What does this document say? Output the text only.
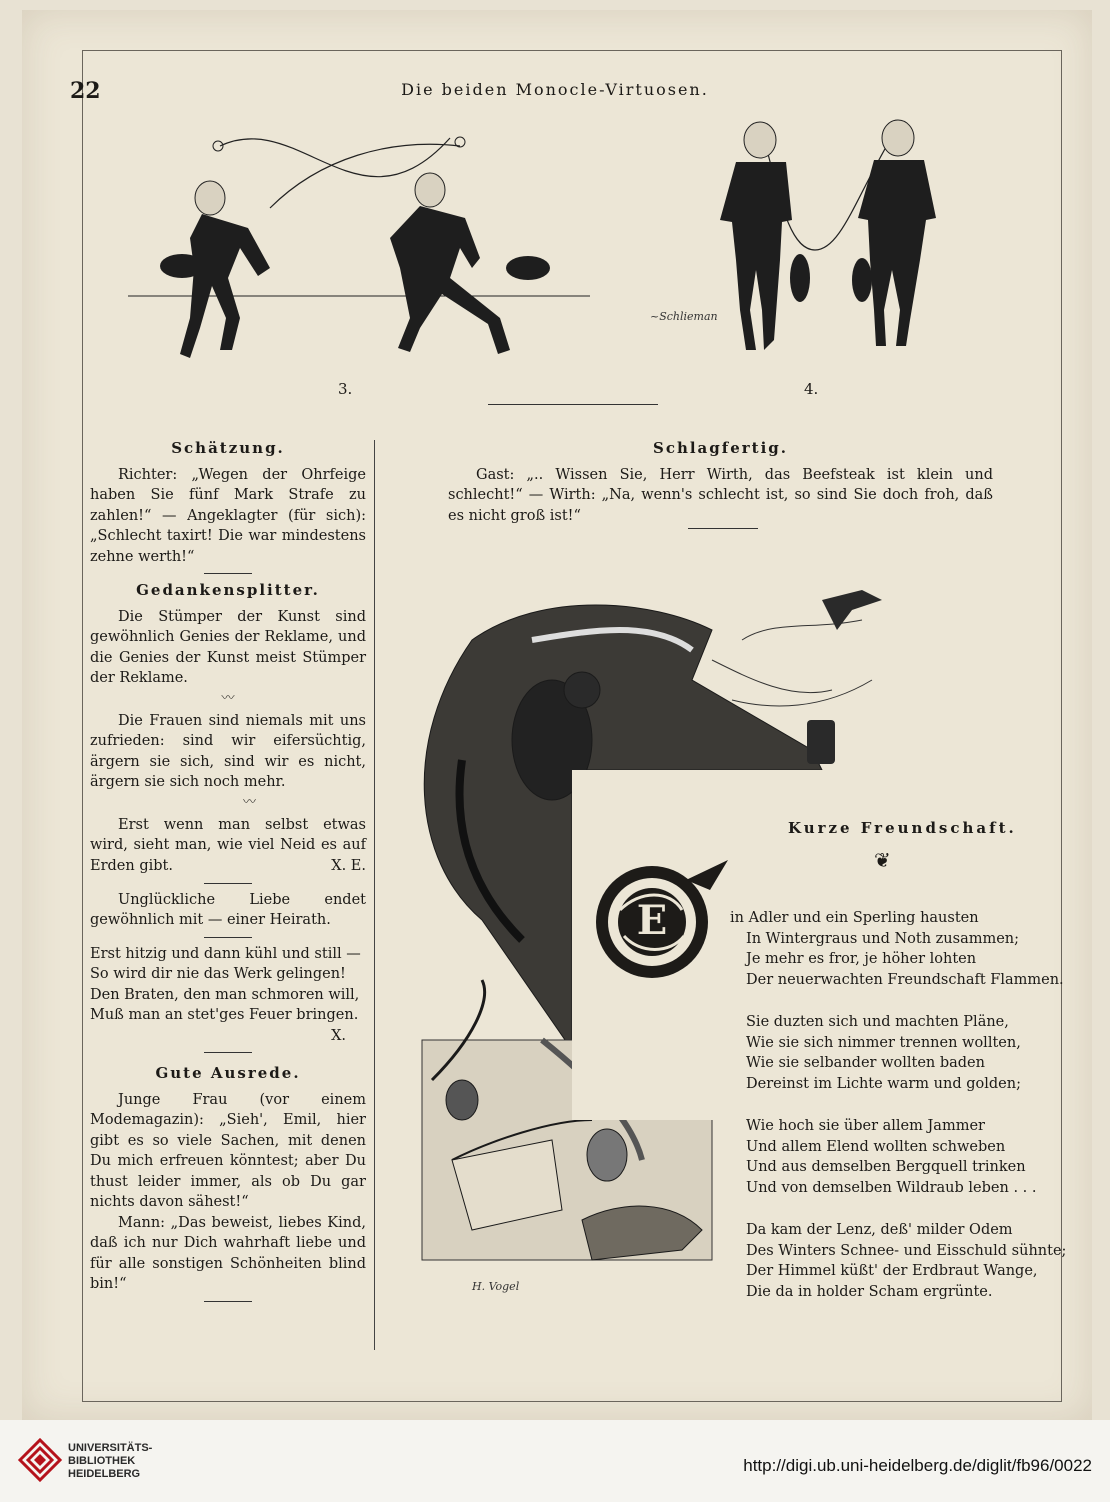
22	Die beiden Monocle-Virtuosen.
~Schlieman
3.	4.

Schätzung.

Richter: „Wegen der Ohrfeige haben Sie fünf Mark Strafe zu zahlen!“ — Angeklagter (für sich): „Schlecht taxirt! Die war mindestens zehne werth!“

Gedankensplitter.

Die Stümper der Kunst sind gewöhnlich Genies der Reklame, und die Genies der Kunst meist Stümper der Reklame.

〰

Die Frauen sind niemals mit uns zufrieden: sind wir eifersüchtig, ärgern sie sich, sind wir es nicht, ärgern sie sich noch mehr.

〰

Erst wenn man selbst etwas wird, sieht man, wie viel Neid es auf Erden gibt.	X. E.

Unglückliche Liebe endet gewöhnlich mit — einer Heirath.

Erst hitzig und dann kühl und still —
So wird dir nie das Werk gelingen!
Den Braten, den man schmoren will,
Muß man an stet'ges Feuer bringen.
X.

Gute Ausrede.

Junge Frau (vor einem Modemagazin): „Sieh', Emil, hier gibt es so viele Sachen, mit denen Du mich erfreuen könntest; aber Du thust leider immer, als ob Du gar nichts davon sähest!“

Mann: „Das beweist, liebes Kind, daß ich nur Dich wahrhaft liebe und für alle sonstigen Schönheiten blind bin!“

Schlagfertig.

Gast: „.. Wissen Sie, Herr Wirth, das Beefsteak ist klein und schlecht!“ — Wirth: „Na, wenn's schlecht ist, so sind Sie doch froh, daß es nicht groß ist!“

H. Vogel
E
Kurze Freundschaft.
❦
in Adler und ein Sperling hausten
In Wintergraus und Noth zusammen;
Je mehr es fror, je höher lohten
Der neuerwachten Freundschaft Flammen.
Sie duzten sich und machten Pläne,
Wie sie sich nimmer trennen wollten,
Wie sie selbander wollten baden
Dereinst im Lichte warm und golden;
Wie hoch sie über allem Jammer
Und allem Elend wollten schweben
Und aus demselben Bergquell trinken
Und von demselben Wildraub leben . . .
Da kam der Lenz, deß' milder Odem
Des Winters Schnee- und Eisschuld sühnte;
Der Himmel küßt' der Erdbraut Wange,
Die da in holder Scham ergrünte.
UNIVERSITÄTS-
BIBLIOTHEK
HEIDELBERG	http://digi.ub.uni-heidelberg.de/diglit/fb96/0022
